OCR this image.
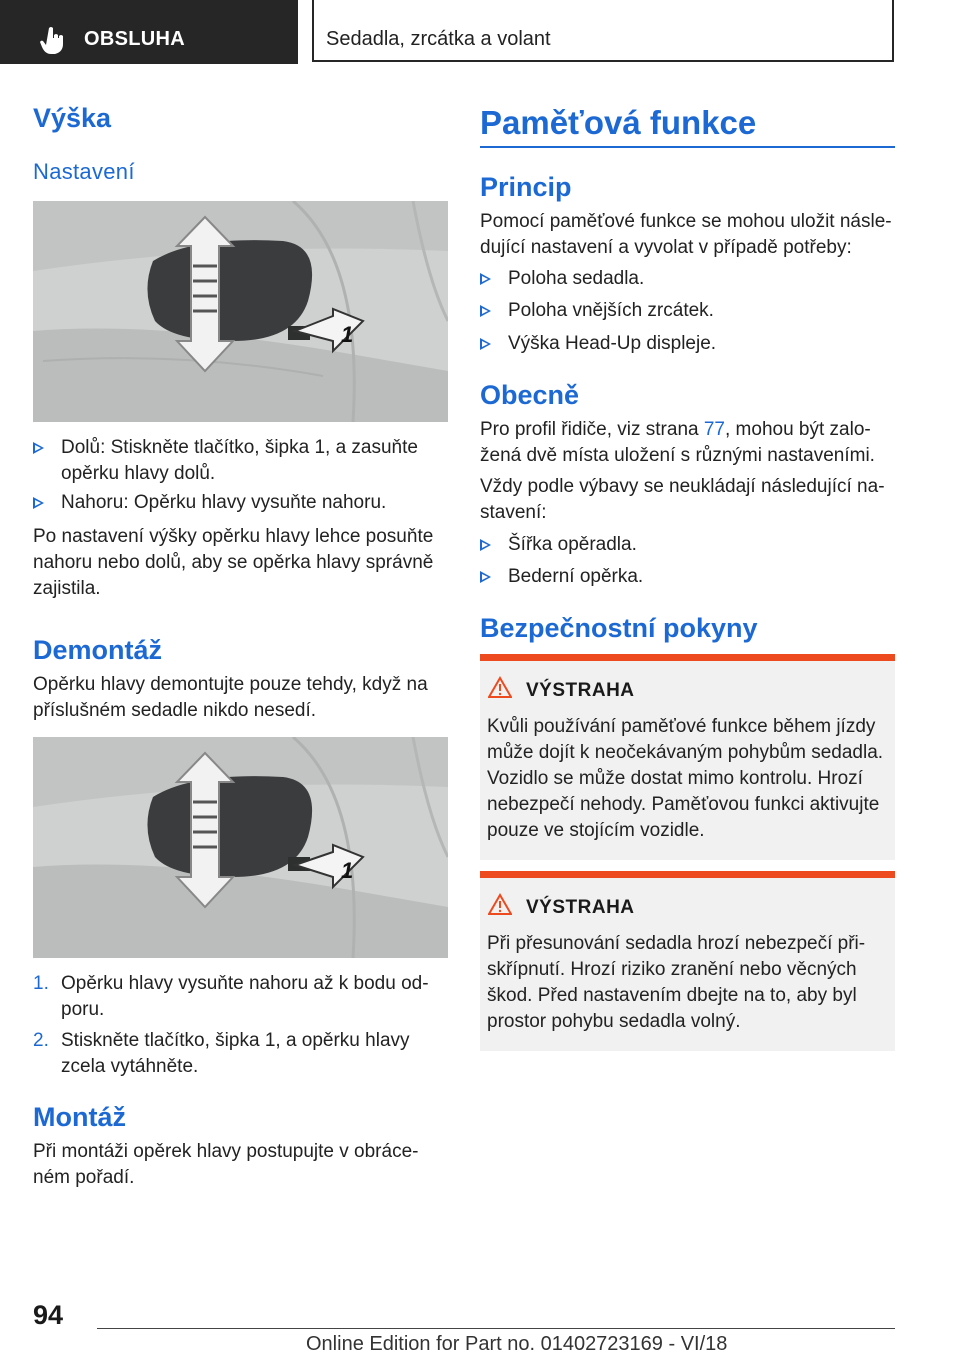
OBSLUHA	Sedadla, zrcátka a volant
Výška
Nastavení
1
Dolů: Stiskněte tlačítko, šipka 1, a zasuňte opěrku hlavy dolů.
Nahoru: Opěrku hlavy vysuňte nahoru.
Po nastavení výšky opěrku hlavy lehce posuňte nahoru nebo dolů, aby se opěrka hlavy správně zajistila.
Demontáž
Opěrku hlavy demontujte pouze tehdy, když na příslušném sedadle nikdo nesedí.
1
1. Opěrku hlavy vysuňte nahoru až k bodu od-poru.
2. Stiskněte tlačítko, šipka 1, a opěrku hlavy zcela vytáhněte.
Montáž
Při montáži opěrek hlavy postupujte v obráce-ném pořadí.
Paměťová funkce
Princip
Pomocí paměťové funkce se mohou uložit násle-dující nastavení a vyvolat v případě potřeby:
Poloha sedadla.
Poloha vnějších zrcátek.
Výška Head-Up displeje.
Obecně
Pro profil řidiče, viz strana 77, mohou být zalo-žená dvě místa uložení s různými nastaveními.
Vždy podle výbavy se neukládají následující na-stavení:
Šířka opěradla.
Bederní opěrka.
Bezpečnostní pokyny
VÝSTRAHA
Kvůli používání paměťové funkce během jízdy může dojít k neočekávaným pohybům sedadla. Vozidlo se může dostat mimo kontrolu. Hrozí nebezpečí nehody. Paměťovou funkci aktivujte pouze ve stojícím vozidle.
VÝSTRAHA
Při přesunování sedadla hrozí nebezpečí při-skřípnutí. Hrozí riziko zranění nebo věcných škod. Před nastavením dbejte na to, aby byl prostor pohybu sedadla volný.
94
Online Edition for Part no. 01402723169 - VI/18
